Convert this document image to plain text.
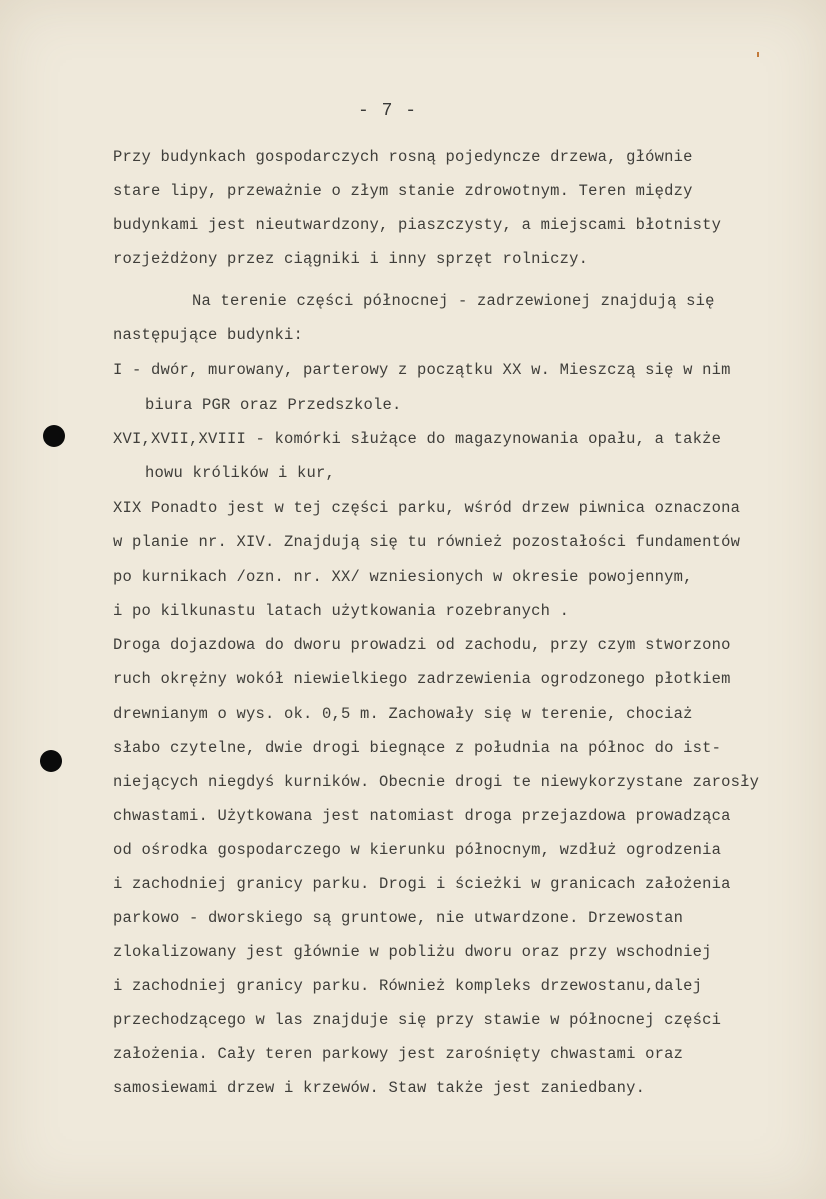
- 7 -
Przy budynkach gospodarczych rosną pojedyncze drzewa, głównie
stare lipy, przeważnie o złym stanie zdrowotnym. Teren między
budynkami jest nieutwardzony, piaszczysty, a miejscami błotnisty
rozjeżdżony przez ciągniki i inny sprzęt rolniczy.
Na terenie części północnej - zadrzewionej znajdują się
następujące budynki:
I - dwór, murowany, parterowy z początku XX w. Mieszczą się w nim
biura PGR oraz Przedszkole.
XVI,XVII,XVIII - komórki służące do magazynowania opału, a także
howu królików i kur,
XIX Ponadto jest w tej części parku, wśród drzew piwnica oznaczona
w planie nr. XIV. Znajdują się tu również pozostałości fundamentów
po kurnikach /ozn. nr. XX/ wzniesionych w okresie powojennym,
i po kilkunastu latach użytkowania rozebranych .
Droga dojazdowa do dworu prowadzi od zachodu, przy czym stworzono
ruch okrężny wokół niewielkiego zadrzewienia ogrodzonego płotkiem
drewnianym o wys. ok. 0,5 m. Zachowały się w terenie, chociaż
słabo czytelne, dwie drogi biegnące z południa na północ do ist-
niejących niegdyś kurników. Obecnie drogi te niewykorzystane zarosły
chwastami. Użytkowana jest natomiast droga przejazdowa prowadząca
od ośrodka gospodarczego w kierunku północnym, wzdłuż ogrodzenia
i zachodniej granicy parku. Drogi i ścieżki w granicach założenia
parkowo - dworskiego są gruntowe, nie utwardzone. Drzewostan
zlokalizowany jest głównie w pobliżu dworu oraz przy wschodniej
i zachodniej granicy parku. Również kompleks drzewostanu,dalej
przechodzącego w las znajduje się przy stawie w północnej części
założenia. Cały teren parkowy jest zarośnięty chwastami oraz
samosiewami drzew i krzewów. Staw także jest zaniedbany.
